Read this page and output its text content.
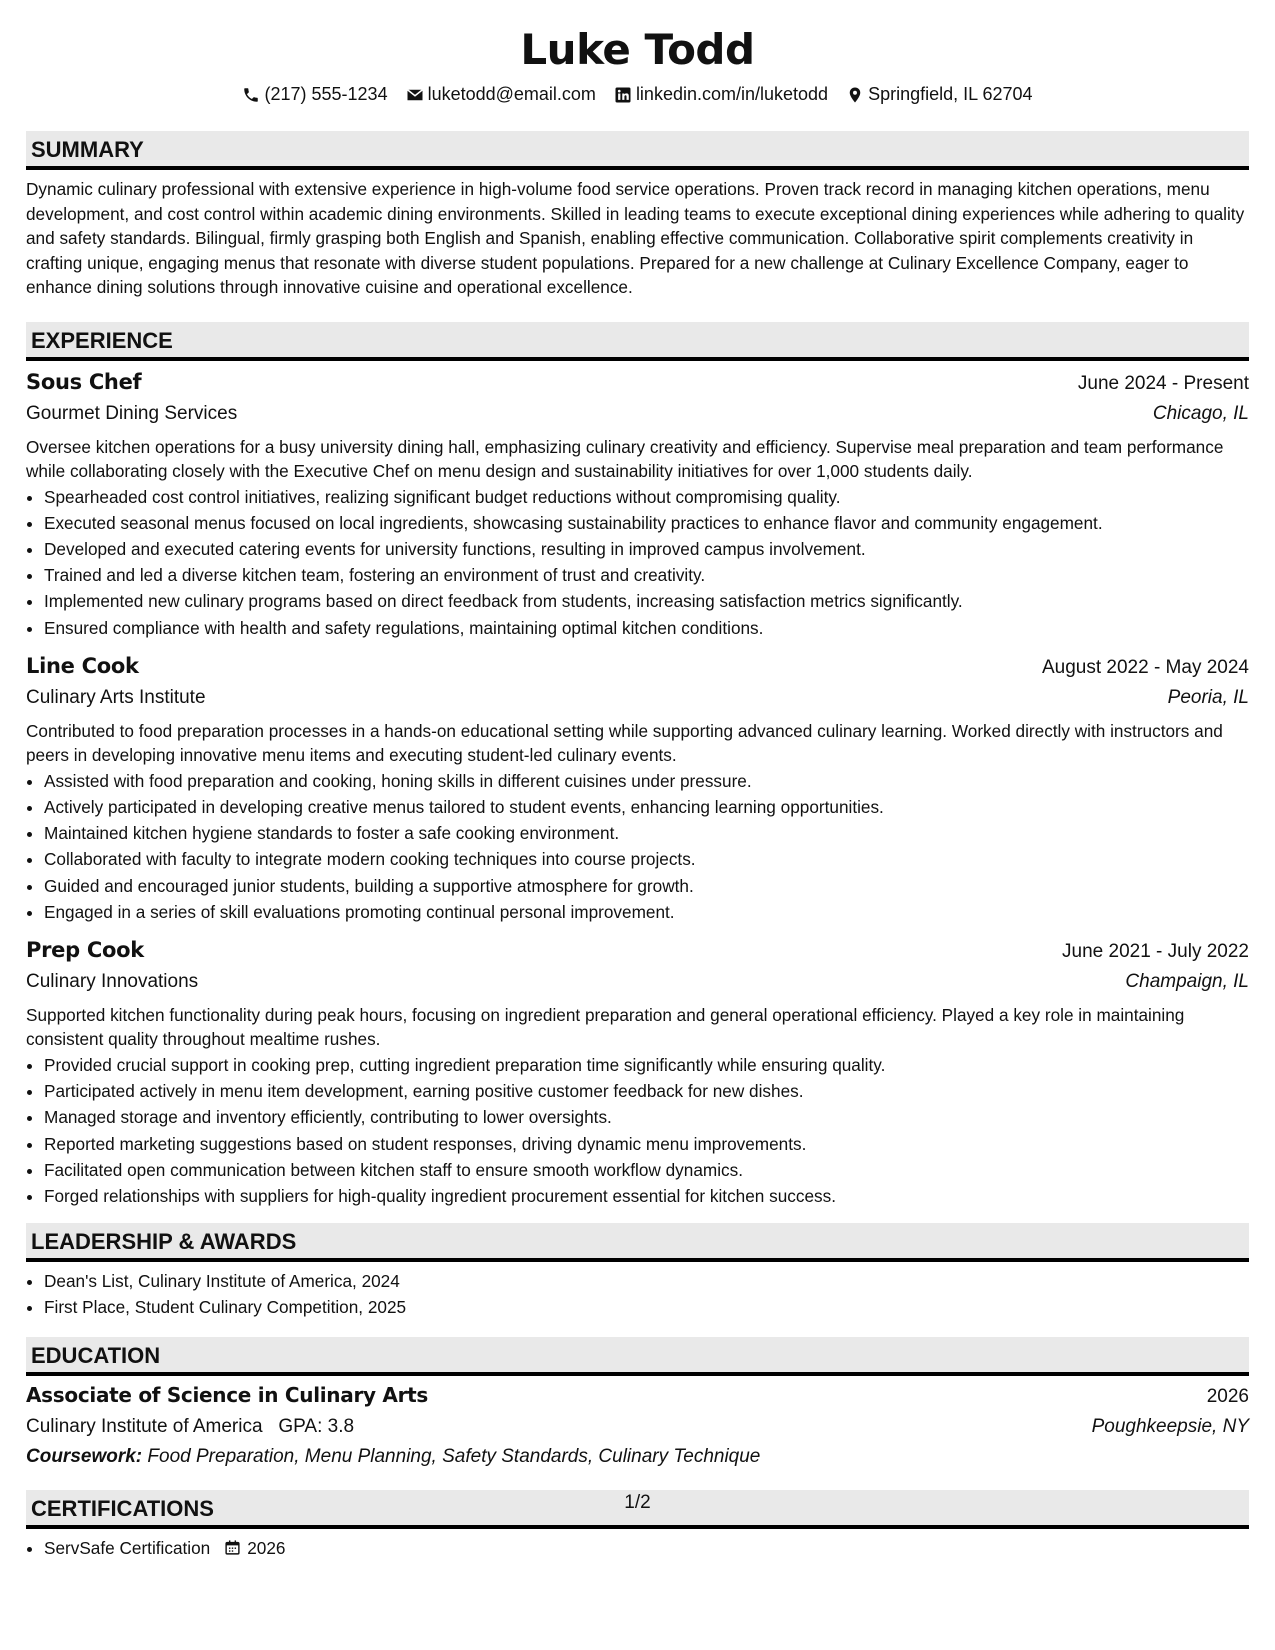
Luke Todd
(217) 555-1234 luketodd@email.com linkedin.com/in/luketodd Springfield, IL 62704
SUMMARY
Dynamic culinary professional with extensive experience in high-volume food service operations. Proven track record in managing kitchen operations, menu development, and cost control within academic dining environments. Skilled in leading teams to execute exceptional dining experiences while adhering to quality and safety standards. Bilingual, firmly grasping both English and Spanish, enabling effective communication. Collaborative spirit complements creativity in crafting unique, engaging menus that resonate with diverse student populations. Prepared for a new challenge at Culinary Excellence Company, eager to enhance dining solutions through innovative cuisine and operational excellence.
EXPERIENCE
Sous Chef	June 2024 - Present
Gourmet Dining Services	Chicago, IL
Oversee kitchen operations for a busy university dining hall, emphasizing culinary creativity and efficiency. Supervise meal preparation and team performance while collaborating closely with the Executive Chef on menu design and sustainability initiatives for over 1,000 students daily.
• Spearheaded cost control initiatives, realizing significant budget reductions without compromising quality.
• Executed seasonal menus focused on local ingredients, showcasing sustainability practices to enhance flavor and community engagement.
• Developed and executed catering events for university functions, resulting in improved campus involvement.
• Trained and led a diverse kitchen team, fostering an environment of trust and creativity.
• Implemented new culinary programs based on direct feedback from students, increasing satisfaction metrics significantly.
• Ensured compliance with health and safety regulations, maintaining optimal kitchen conditions.
Line Cook	August 2022 - May 2024
Culinary Arts Institute	Peoria, IL
Contributed to food preparation processes in a hands-on educational setting while supporting advanced culinary learning. Worked directly with instructors and peers in developing innovative menu items and executing student-led culinary events.
• Assisted with food preparation and cooking, honing skills in different cuisines under pressure.
• Actively participated in developing creative menus tailored to student events, enhancing learning opportunities.
• Maintained kitchen hygiene standards to foster a safe cooking environment.
• Collaborated with faculty to integrate modern cooking techniques into course projects.
• Guided and encouraged junior students, building a supportive atmosphere for growth.
• Engaged in a series of skill evaluations promoting continual personal improvement.
Prep Cook	June 2021 - July 2022
Culinary Innovations	Champaign, IL
Supported kitchen functionality during peak hours, focusing on ingredient preparation and general operational efficiency. Played a key role in maintaining consistent quality throughout mealtime rushes.
• Provided crucial support in cooking prep, cutting ingredient preparation time significantly while ensuring quality.
• Participated actively in menu item development, earning positive customer feedback for new dishes.
• Managed storage and inventory efficiently, contributing to lower oversights.
• Reported marketing suggestions based on student responses, driving dynamic menu improvements.
• Facilitated open communication between kitchen staff to ensure smooth workflow dynamics.
• Forged relationships with suppliers for high-quality ingredient procurement essential for kitchen success.
LEADERSHIP & AWARDS
• Dean's List, Culinary Institute of America, 2024
• First Place, Student Culinary Competition, 2025
EDUCATION
Associate of Science in Culinary Arts	2026
Culinary Institute of America GPA: 3.8	Poughkeepsie, NY
Coursework: Food Preparation, Menu Planning, Safety Standards, Culinary Technique
CERTIFICATIONS
• ServSafe Certification 2026
1/2
